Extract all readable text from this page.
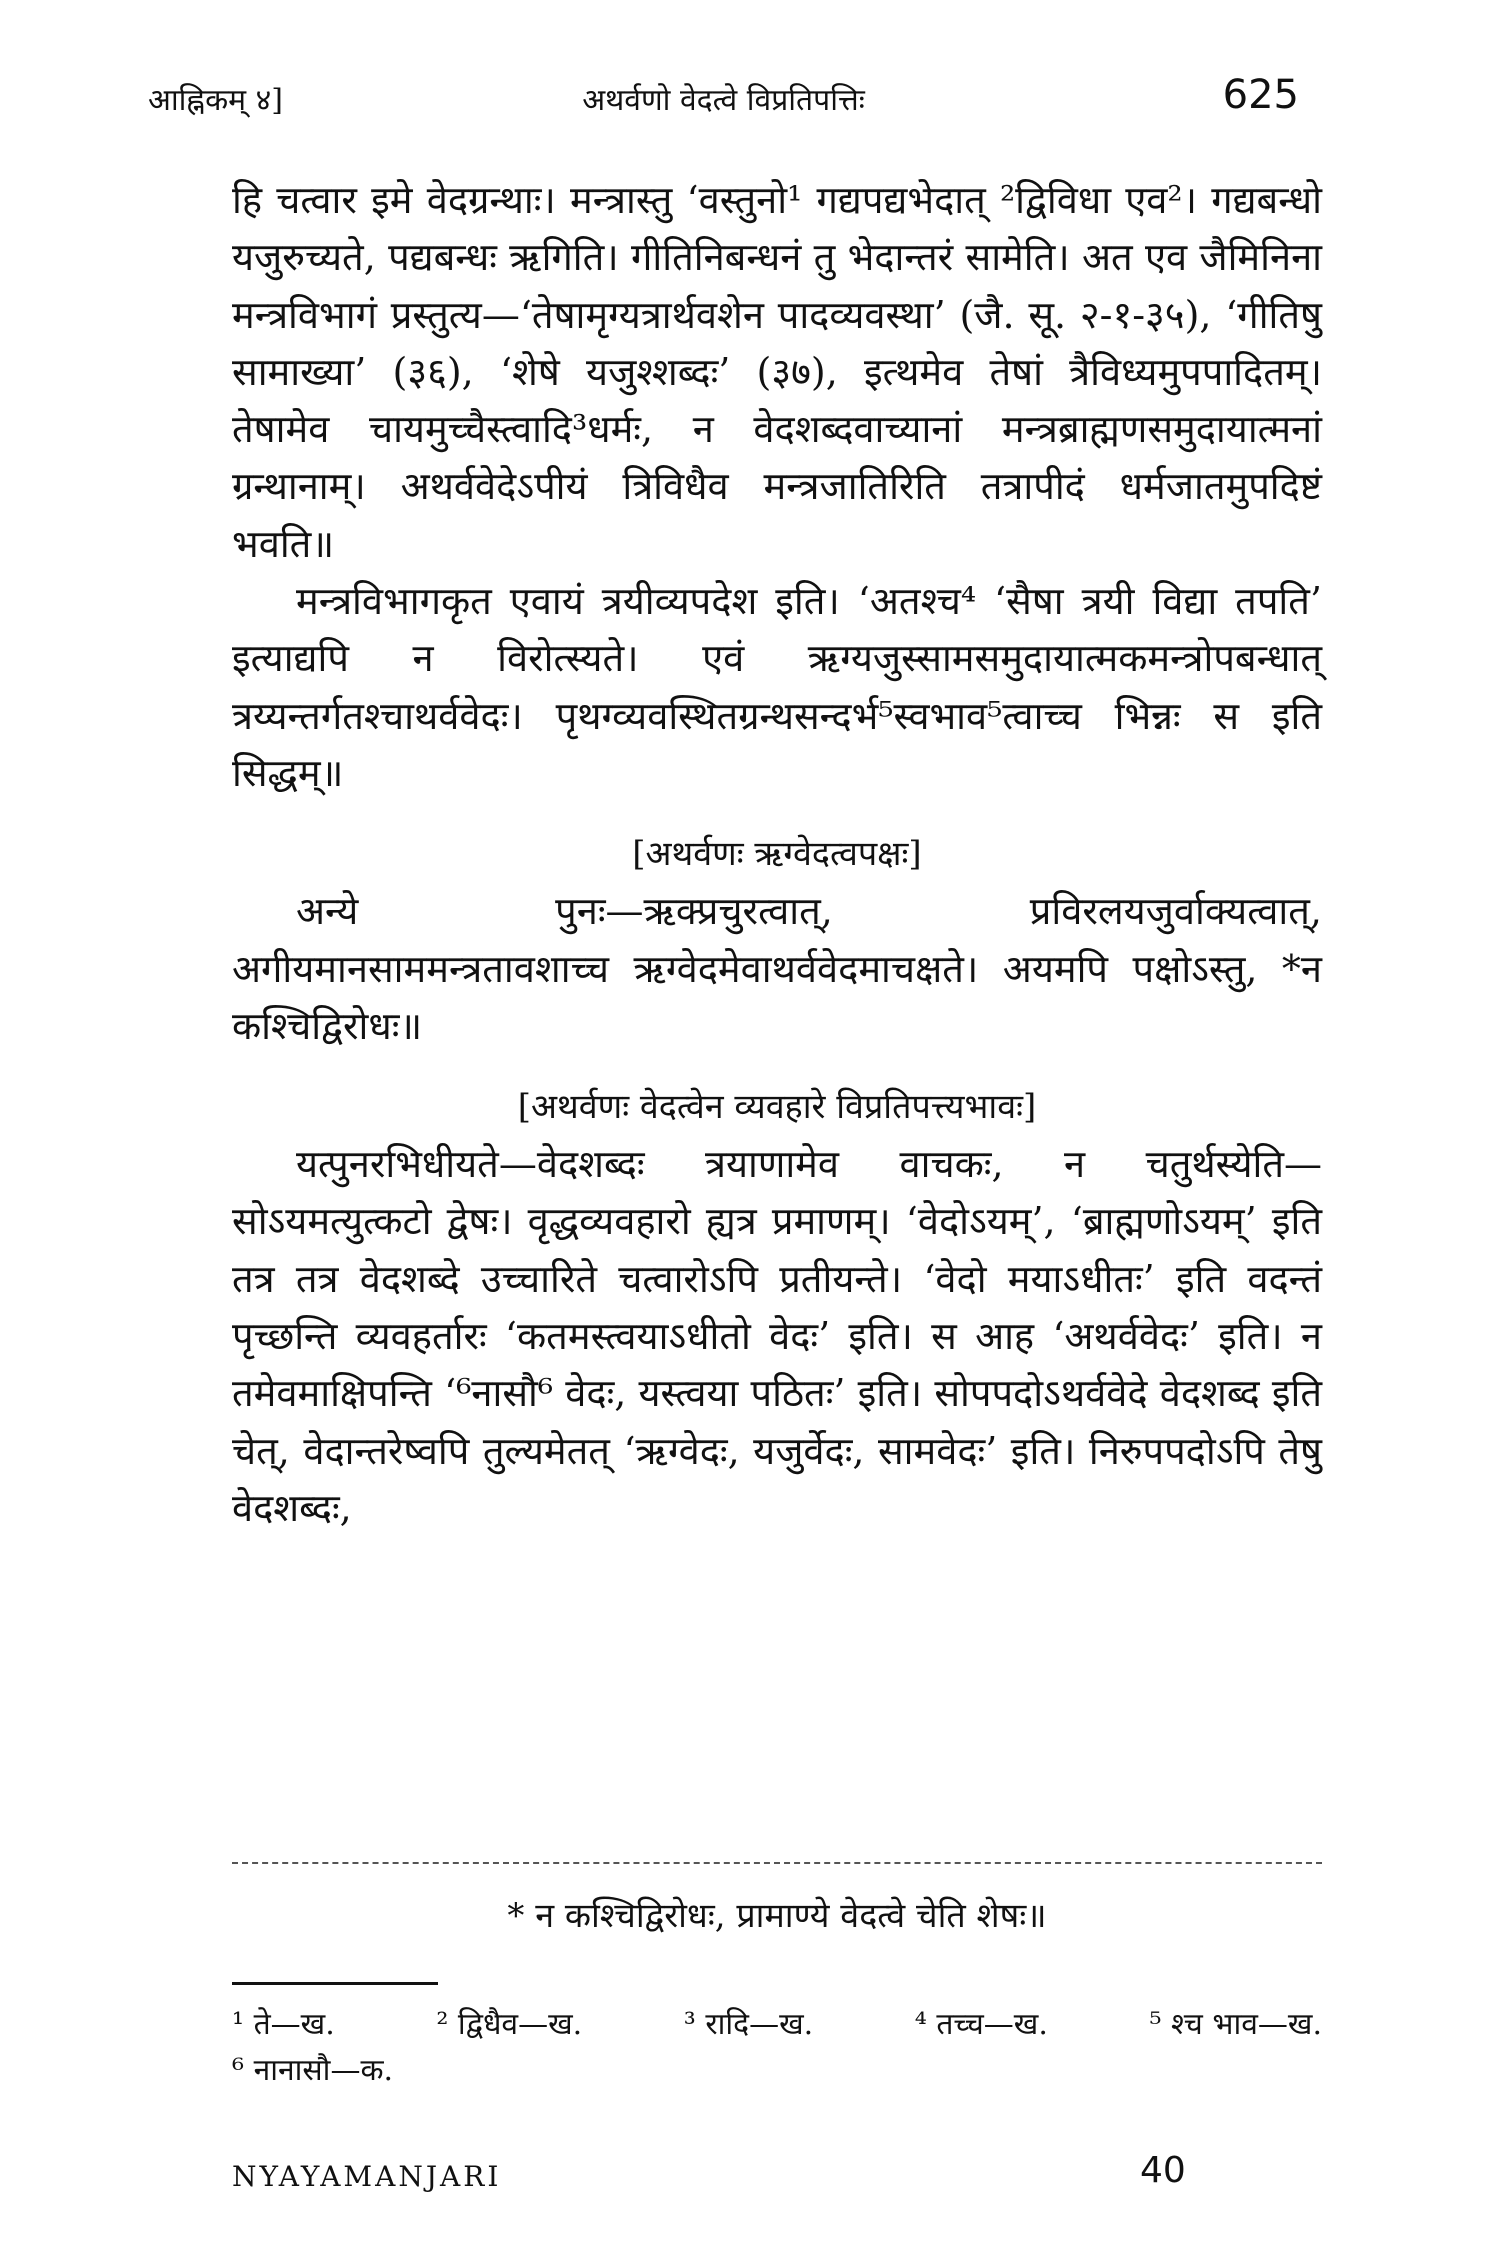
आह्निकम् ४]	अथर्वणो वेदत्वे विप्रतिपत्तिः	625

हि चत्वार इमे वेदग्रन्थाः। मन्त्रास्तु ‘वस्तुनो¹ गद्यपद्यभेदात् ²द्विविधा एव²। गद्यबन्धो यजुरुच्यते, पद्यबन्धः ऋगिति। गीतिनिबन्धनं तु भेदान्तरं सामेति। अत एव जैमिनिना मन्त्रविभागं प्रस्तुत्य—‘तेषामृग्यत्रार्थवशेन पादव्यवस्था’ (जै. सू. २-१-३५), ‘गीतिषु सामाख्या’ (३६), ‘शेषे यजुश्शब्दः’ (३७), इत्थमेव तेषां त्रैविध्यमुपपादितम्। तेषामेव चायमुच्चैस्त्वादि³धर्मः, न वेदशब्दवाच्यानां मन्त्रब्राह्मणसमुदायात्मनां ग्रन्थानाम्। अथर्ववेदेऽपीयं त्रिविधैव मन्त्रजातिरिति तत्रापीदं धर्मजातमुपदिष्टं भवति॥

मन्त्रविभागकृत एवायं त्रयीव्यपदेश इति। ‘अतश्च⁴ ‘सैषा त्रयी विद्या तपति’ इत्याद्यपि न विरोत्स्यते। एवं ऋग्यजुस्सामसमुदायात्मकमन्त्रोपबन्धात् त्रय्यन्तर्गतश्चाथर्ववेदः। पृथग्व्यवस्थितग्रन्थसन्दर्भ⁵स्वभाव⁵त्वाच्च भिन्नः स इति सिद्धम्॥

[अथर्वणः ऋग्वेदत्वपक्षः]

अन्ये पुनः—ऋक्प्रचुरत्वात्, प्रविरलयजुर्वाक्यत्वात्, अगीयमानसाममन्त्रतावशाच्च ऋग्वेदमेवाथर्ववेदमाचक्षते। अयमपि पक्षोऽस्तु, *न कश्चिद्विरोधः॥

[अथर्वणः वेदत्वेन व्यवहारे विप्रतिपत्त्यभावः]

यत्पुनरभिधीयते—वेदशब्दः त्रयाणामेव वाचकः, न चतुर्थस्येति—सोऽयमत्युत्कटो द्वेषः। वृद्धव्यवहारो ह्यत्र प्रमाणम्। ‘वेदोऽयम्’, ‘ब्राह्मणोऽयम्’ इति तत्र तत्र वेदशब्दे उच्चारिते चत्वारोऽपि प्रतीयन्ते। ‘वेदो मयाऽधीतः’ इति वदन्तं पृच्छन्ति व्यवहर्तारः ‘कतमस्त्वयाऽधीतो वेदः’ इति। स आह ‘अथर्ववेदः’ इति। न तमेवमाक्षिपन्ति ‘⁶नासौ⁶ वेदः, यस्त्वया पठितः’ इति। सोपपदोऽथर्ववेदे वेदशब्द इति चेत्, वेदान्तरेष्वपि तुल्यमेतत् ‘ऋग्वेदः, यजुर्वेदः, सामवेदः’ इति। निरुपपदोऽपि तेषु वेदशब्दः,

* न कश्चिद्विरोधः, प्रामाण्ये वेदत्वे चेति शेषः॥
¹ ते—ख.	² द्विधैव—ख.	³ रादि—ख.	⁴ तच्च—ख.	⁵ श्च भाव—ख.
⁶ नानासौ—क.
NYAYAMANJARI	40
